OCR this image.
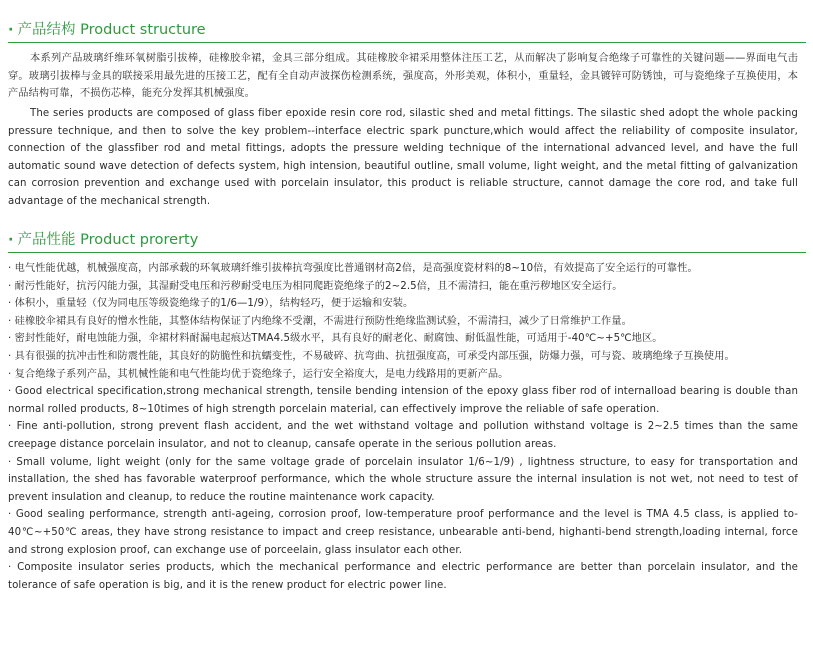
· 产品结构 Product structure

本系列产品玻璃纤维环氧树脂引拔棒，硅橡胶伞裙，金具三部分组成。其硅橡胶伞裙采用整体注压工艺，从而解决了影响复合绝缘子可靠性的关键问题——界面电气击穿。玻璃引拔棒与金具的联接采用最先进的压接工艺，配有全自动声波探伤检测系统，强度高，外形美观，体积小，重量轻，金具镀锌可防锈蚀，可与瓷绝缘子互换使用，本产品结构可靠，不损伤芯棒，能充分发挥其机械强度。

The series products are composed of glass fiber epoxide resin core rod, silastic shed and metal fittings. The silastic shed adopt the whole packing pressure technique, and then to solve the key problem--interface electric spark puncture,which would affect the reliability of composite insulator, connection of the glassfiber rod and metal fittings, adopts the pressure welding technique of the international advanced level, and have the full automatic sound wave detection of defects system, high intension, beautiful outline, small volume, light weight, and the metal fitting of galvanization can corrosion prevention and exchange used with porcelain insulator, this product is reliable structure, cannot damage the core rod, and take full advantage of the mechanical strength.

· 产品性能 Product prorerty
· 电气性能优越，机械强度高，内部承载的环氧玻璃纤维引拔棒抗弯强度比普通钢材高2倍，是高强度瓷材料的8~10倍，有效提高了安全运行的可靠性。
· 耐污性能好，抗污闪能力强，其湿耐受电压和污秽耐受电压为相同爬距瓷绝缘子的2~2.5倍，且不需清扫，能在重污秽地区安全运行。
· 体积小，重量轻（仅为同电压等级瓷绝缘子的1/6—1/9），结构轻巧，便于运输和安装。
· 硅橡胶伞裙具有良好的憎水性能，其整体结构保证了内绝缘不受潮，不需进行预防性绝缘监测试验，不需清扫，减少了日常维护工作量。
· 密封性能好，耐电蚀能力强，伞裙材料耐漏电起痕达TMA4.5级水平，具有良好的耐老化、耐腐蚀、耐低温性能，可适用于-40℃~+5℃地区。
· 具有很强的抗冲击性和防震性能，其良好的防脆性和抗蠕变性，不易破碎、抗弯曲、抗扭强度高，可承受内部压强，防爆力强，可与瓷、玻璃绝缘子互换使用。
· 复合绝缘子系列产品，其机械性能和电气性能均优于瓷绝缘子，运行安全裕度大，是电力线路用的更新产品。
· Good electrical specification,strong mechanical strength, tensile bending intension of the epoxy glass fiber rod of internalload bearing is double than normal rolled products, 8~10times of high strength porcelain material, can effectively improve the reliable of safe operation.
· Fine anti-pollution, strong prevent flash accident, and the wet withstand voltage and pollution withstand voltage is 2~2.5 times than the same creepage distance porcelain insulator, and not to cleanup, cansafe operate in the serious pollution areas.
· Small volume, light weight (only for the same voltage grade of porcelain insulator 1/6~1/9) , lightness structure, to easy for transportation and installation, the shed has favorable waterproof performance, which the whole structure assure the internal insulation is not wet, not need to test of prevent insulation and cleanup, to reduce the routine maintenance work capacity.
· Good sealing performance, strength anti-ageing, corrosion proof, low-temperature proof performance and the level is TMA 4.5 class, is applied to-40℃~+50℃ areas, they have strong resistance to impact and creep resistance, unbearable anti-bend, highanti-bend strength,loading internal, force and strong explosion proof, can exchange use of porceelain, glass insulator each other.
· Composite insulator series products, which the mechanical performance and electric performance are better than porcelain insulator, and the tolerance of safe operation is big, and it is the renew product for electric power line.
